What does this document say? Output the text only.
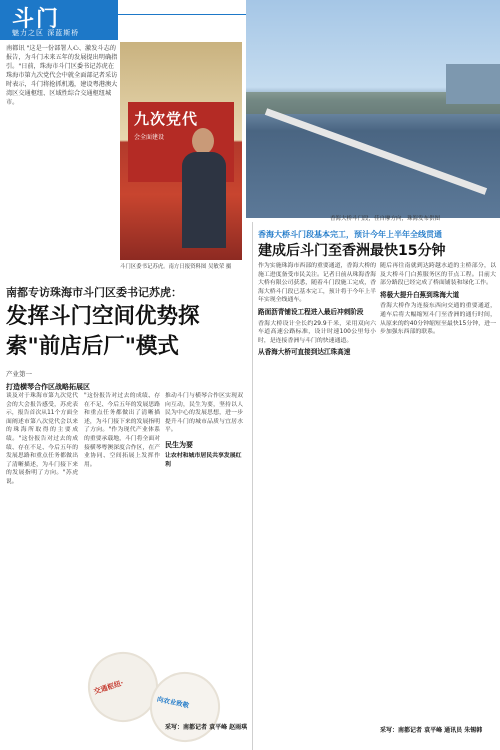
斗门
魅力之区 深蓝斯桥
南都讯 "这是一份部署人心、激发斗志的报告，为斗门未来五年的发展提出明确指引。"日前，珠海市斗门区委书记苏虎在珠海市第九次党代会中就全面部记者采访时表示，斗门将抢抓机遇，建设粤港澳大湾区交通枢纽、区域性综合交通枢纽城市。
九次党代
会全面建设
斗门区委书记苏虎。南方日报资料图 吴敏荣 摄
香海大桥斗门段，佳自摩方向，珠海发布供图
南都专访珠海市斗门区委书记苏虎：
发挥斗门空间优势探索"前店后厂"模式
产业第一
打造横琴合作区战略拓展区
谈及对于珠海市第九次党代会的大会报告感受，苏虎表示，报告首次从11个方面全面阐述市第八次党代会以来的珠海所取得的主要成绩。"这份报告对过去的成绩、存在不足、今后五年的发展思路和重点任务都做出了清晰描述，为斗门接下来的发展指明了方向。"苏虎说。
"这份报告对过去的成绩、存在不足、今后五年的发展思路和重点任务都做出了清晰描述，为斗门接下来的发展指明了方向。"作为现代产业体系的重要承载地，斗门将全面对接横琴粤澳深度合作区，在产业协同、空间拓展上发挥作用。
推动斗门与横琴合作区实现双向互动，民生为要，坚持以人民为中心的发展思想，进一步提升斗门的城市品质与宜居水平。
民生为要
让农村和城市居民共享发展红利
交通枢纽·
向农业致敬
采写：南都记者 袁平峰 赵雨琪
香海大桥斗门段基本完工，预计今年上半年全线贯通
建成后斗门至香洲最快15分钟
作为实施珠海市西部的重要通道，香海大桥的施工进度备受市民关注。记者日前从珠海香海大桥有限公司获悉，随着斗门段施工完成，香海大桥斗门段已基本完工，预计将于今年上半年实现全线通车。
路面沥青铺设工程进入最后冲刺阶段
香海大桥设计全长约29.9千米，采用双向六车道高速公路标准，设计时速100公里每小时，是连接香洲与斗门的快速通道。
从香海大桥可直接到达江珠高速
随后再往南就到达跨越水道的主桥部分，以及大桥斗门白蕉服务区的节点工程。目前大部分路段已经完成了桥面铺装和绿化工作。
将极大提升白蕉到珠海大道
香海大桥作为连接东西向交通的重要通道，通车后将大幅缩短斗门至香洲的通行时间，从原来的约40分钟缩短至最快15分钟，进一步加强东西部的联系。
采写：南都记者 袁平峰 通讯员 朱锡韩
